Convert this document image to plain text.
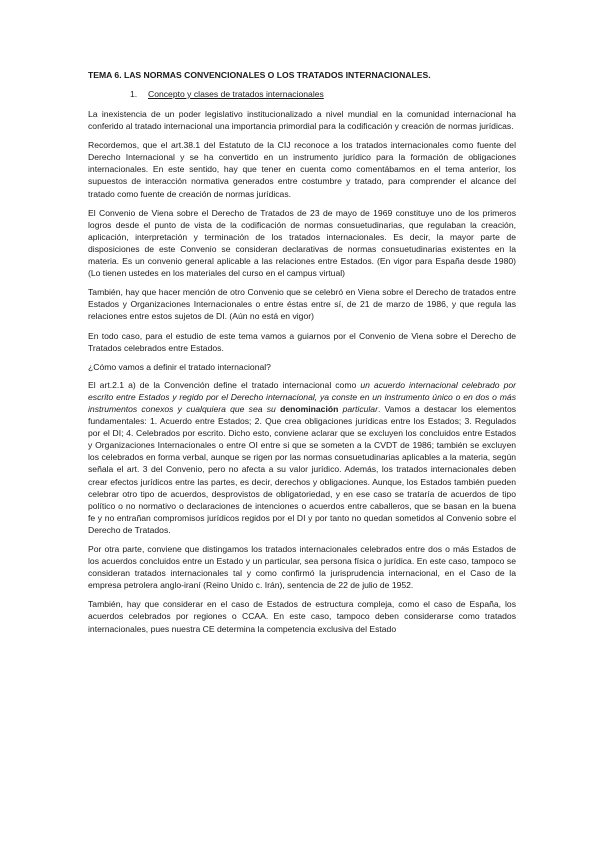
TEMA 6. LAS NORMAS CONVENCIONALES O LOS TRATADOS INTERNACIONALES.
1. Concepto y clases de tratados internacionales

La inexistencia de un poder legislativo institucionalizado a nivel mundial en la comunidad internacional ha conferido al tratado internacional una importancia primordial para la codificación y creación de normas jurídicas.

Recordemos, que el art.38.1 del Estatuto de la CIJ reconoce a los tratados internacionales como fuente del Derecho Internacional y se ha convertido en un instrumento jurídico para la formación de obligaciones internacionales. En este sentido, hay que tener en cuenta como comentábamos en el tema anterior, los supuestos de interacción normativa generados entre costumbre y tratado, para comprender el alcance del tratado como fuente de creación de normas jurídicas.

El Convenio de Viena sobre el Derecho de Tratados de 23 de mayo de 1969 constituye uno de los primeros logros desde el punto de vista de la codificación de normas consuetudinarias, que regulaban la creación, aplicación, interpretación y terminación de los tratados internacionales. Es decir, la mayor parte de disposiciones de este Convenio se consideran declarativas de normas consuetudinarias existentes en la materia. Es un convenio general aplicable a las relaciones entre Estados. (En vigor para España desde 1980) (Lo tienen ustedes en los materiales del curso en el campus virtual)

También, hay que hacer mención de otro Convenio que se celebró en Viena sobre el Derecho de tratados entre Estados y Organizaciones Internacionales o entre éstas entre sí, de 21 de marzo de 1986, y que regula las relaciones entre estos sujetos de DI. (Aún no está en vigor)

En todo caso, para el estudio de este tema vamos a guiarnos por el Convenio de Viena sobre el Derecho de Tratados celebrados entre Estados.

¿Cómo vamos a definir el tratado internacional?

El art.2.1 a) de la Convención define el tratado internacional como un acuerdo internacional celebrado por escrito entre Estados y regido por el Derecho internacional, ya conste en un instrumento único o en dos o más instrumentos conexos y cualquiera que sea su denominación particular. Vamos a destacar los elementos fundamentales: 1. Acuerdo entre Estados; 2. Que crea obligaciones jurídicas entre los Estados; 3. Regulados por el DI; 4. Celebrados por escrito. Dicho esto, conviene aclarar que se excluyen los concluidos entre Estados y Organizaciones Internacionales o entre OI entre si que se someten a la CVDT de 1986; también se excluyen los celebrados en forma verbal, aunque se rigen por las normas consuetudinarias aplicables a la materia, según señala el art. 3 del Convenio, pero no afecta a su valor jurídico. Además, los tratados internacionales deben crear efectos jurídicos entre las partes, es decir, derechos y obligaciones. Aunque, los Estados también pueden celebrar otro tipo de acuerdos, desprovistos de obligatoriedad, y en ese caso se trataría de acuerdos de tipo político o no normativo o declaraciones de intenciones o acuerdos entre caballeros, que se basan en la buena fe y no entrañan compromisos jurídicos regidos por el DI y por tanto no quedan sometidos al Convenio sobre el Derecho de Tratados.

Por otra parte, conviene que distingamos los tratados internacionales celebrados entre dos o más Estados de los acuerdos concluidos entre un Estado y un particular, sea persona física o jurídica. En este caso, tampoco se consideran tratados internacionales tal y como confirmó la jurisprudencia internacional, en el Caso de la empresa petrolera anglo-iraní (Reino Unido c. Irán), sentencia de 22 de julio de 1952.

También, hay que considerar en el caso de Estados de estructura compleja, como el caso de España, los acuerdos celebrados por regiones o CCAA. En este caso, tampoco deben considerarse como tratados internacionales, pues nuestra CE determina la competencia exclusiva del Estado
